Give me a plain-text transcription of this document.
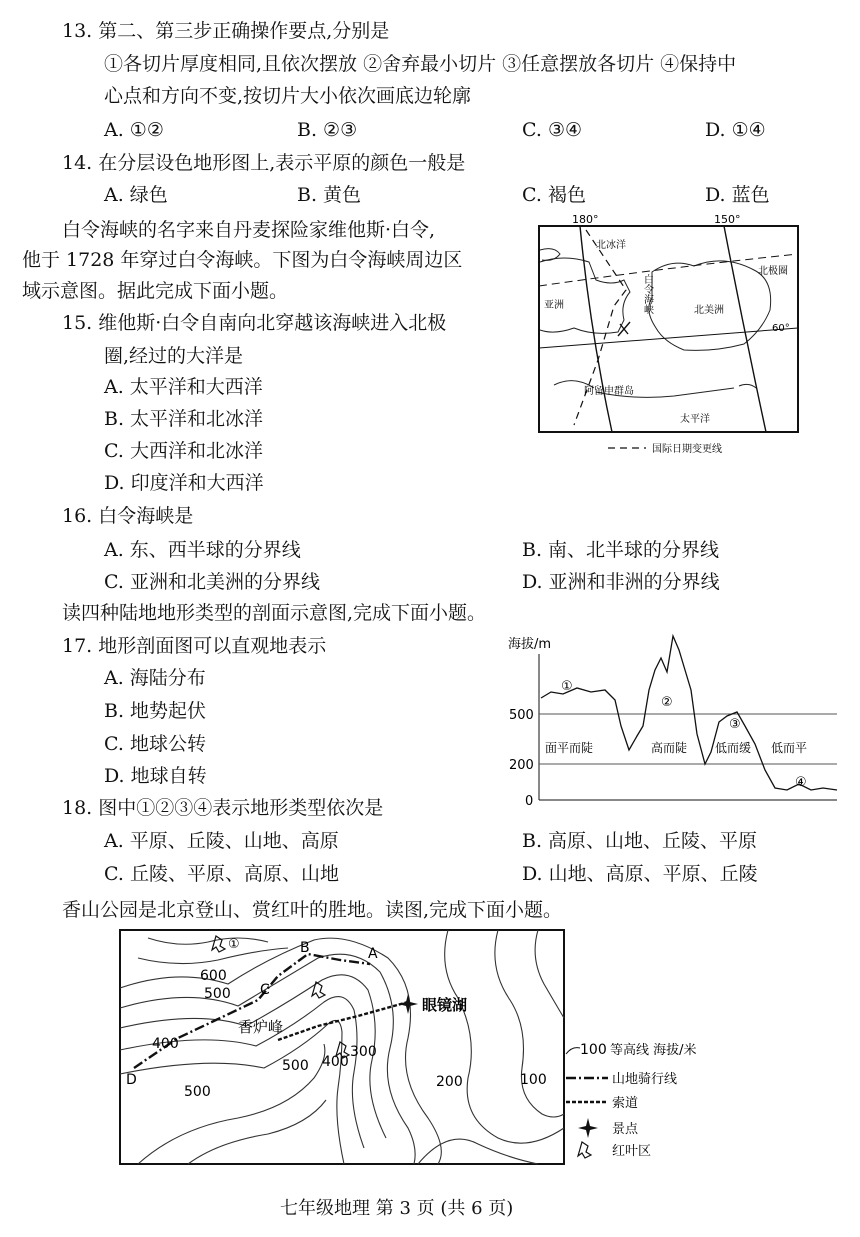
13. 第二、第三步正确操作要点,分别是
①各切片厚度相同,且依次摆放 ②舍弃最小切片 ③任意摆放各切片 ④保持中
心点和方向不变,按切片大小依次画底边轮廓
A. ①②	B. ②③	C. ③④	D. ①④
14. 在分层设色地形图上,表示平原的颜色一般是
A. 绿色	B. 黄色	C. 褐色	D. 蓝色
白令海峡的名字来自丹麦探险家维他斯·白令,
他于 1728 年穿过白令海峡。下图为白令海峡周边区
域示意图。据此完成下面小题。
15. 维他斯·白令自南向北穿越该海峡进入北极
圈,经过的大洋是
A. 太平洋和大西洋
B. 太平洋和北冰洋
C. 大西洋和北冰洋
D. 印度洋和大西洋
16. 白令海峡是
A. 东、西半球的分界线	B. 南、北半球的分界线
C. 亚洲和北美洲的分界线	D. 亚洲和非洲的分界线
读四种陆地地形类型的剖面示意图,完成下面小题。
17. 地形剖面图可以直观地表示
A. 海陆分布
B. 地势起伏
C. 地球公转
D. 地球自转
18. 图中①②③④表示地形类型依次是
A. 平原、丘陵、山地、高原	B. 高原、山地、丘陵、平原
C. 丘陵、平原、高原、山地	D. 山地、高原、平原、丘陵
香山公园是北京登山、赏红叶的胜地。读图,完成下面小题。
180°	150°
北冰洋
白令海峡
北极圈
亚洲	北美洲
60°
阿留申群岛
太平洋
国际日期变更线
海拔/m
500
200
0
①
②
③
④
面平而陡	高而陡 低而缓 低而平
A
B
C
D
香炉峰
眼镜湖
600
500
400
400
300
500
500
200	100
①
100 等高线 海拔/米
山地骑行线
索道
景点
红叶区
七年级地理 第 3 页 (共 6 页)
